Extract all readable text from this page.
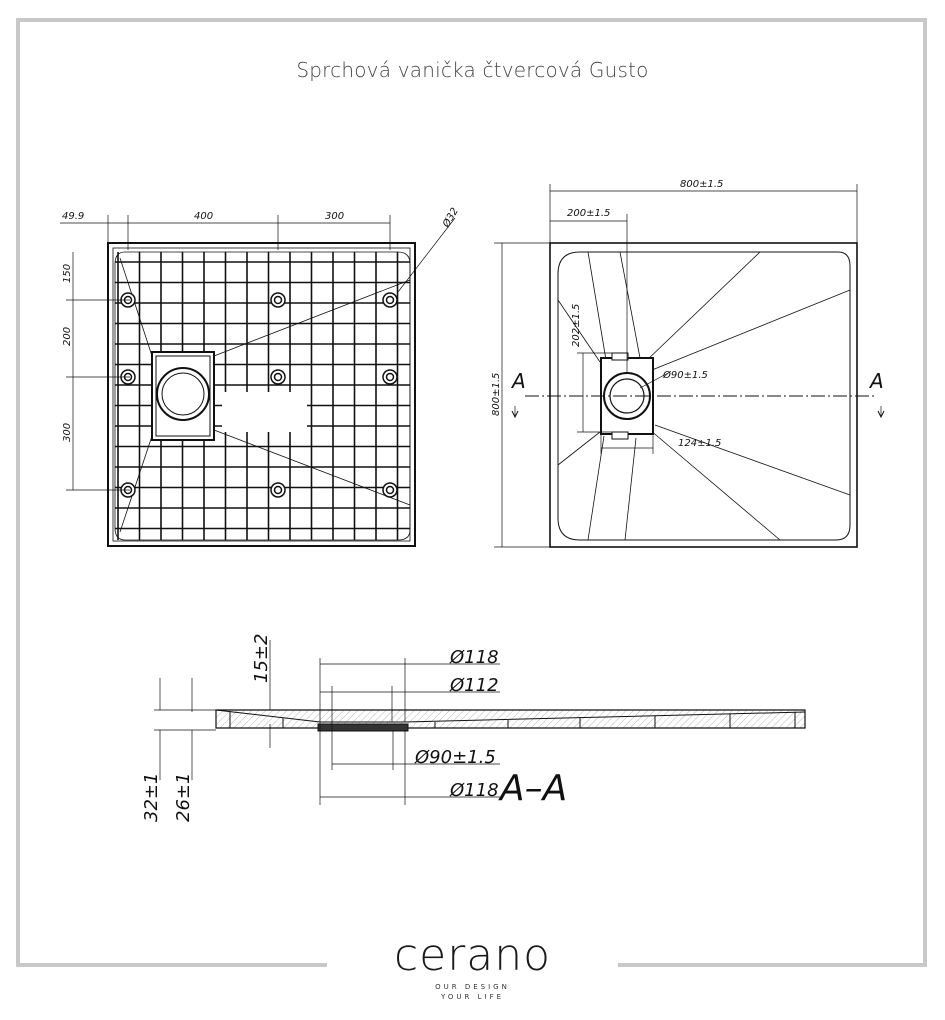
49.9	400	300
150
200
300
Ø32
800±1.5
200±1.5
800±1.5
202±1.5
Ø90±1.5
124±1.5
A	A
Ø118
Ø112
Ø90±1.5
Ø118
15±2
32±1 26±1	A–A
Sprchová vanička čtvercová Gusto
cerano
OUR DESIGN
YOUR LIFE
